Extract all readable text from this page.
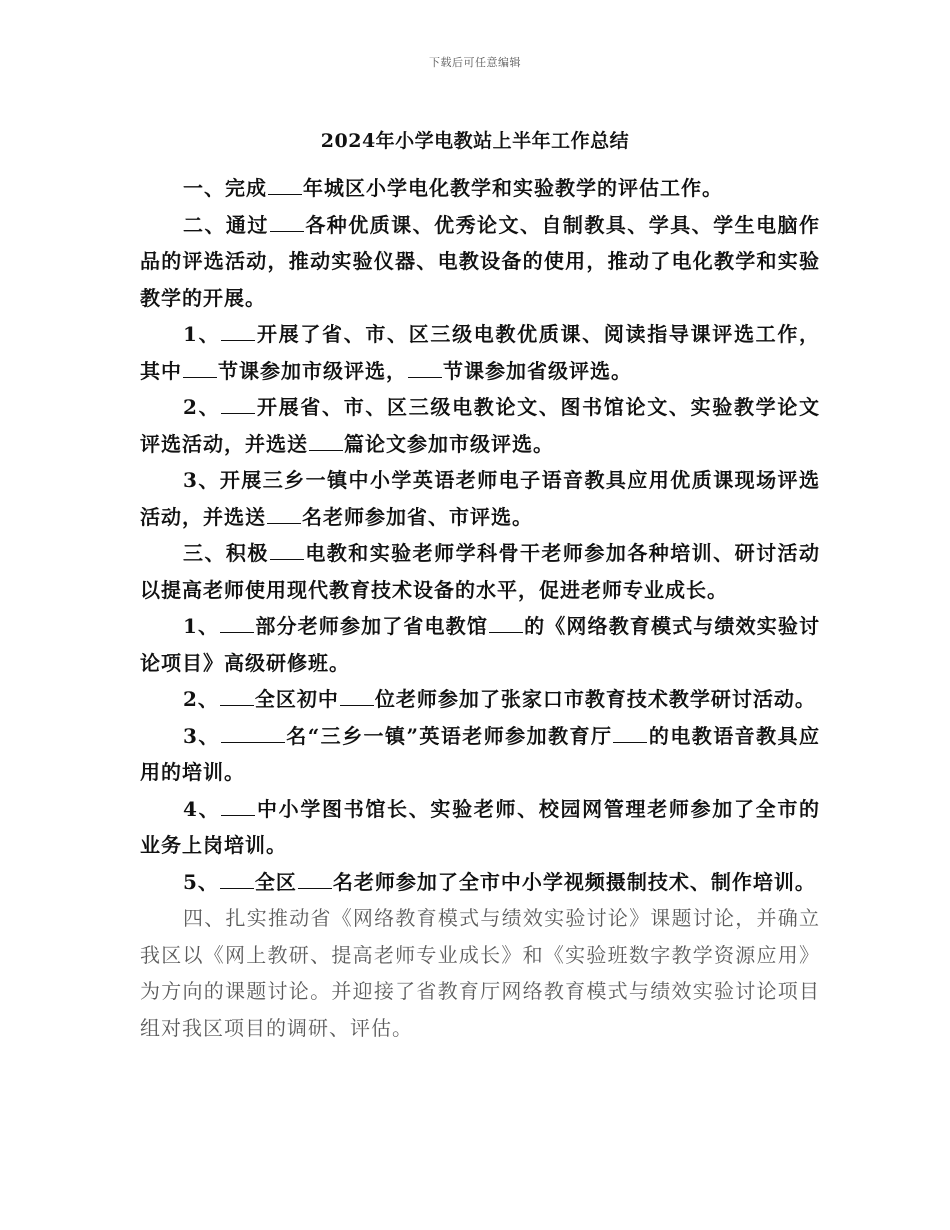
下载后可任意编辑
2024年小学电教站上半年工作总结

一、完成 年城区小学电化教学和实验教学的评估工作。

二、通过 各种优质课、优秀论文、自制教具、学具、学生电脑作品的评选活动，推动实验仪器、电教设备的使用，推动了电化教学和实验教学的开展。

1、 开展了省、市、区三级电教优质课、阅读指导课评选工作，其中 节课参加市级评选， 节课参加省级评选。

2、 开展省、市、区三级电教论文、图书馆论文、实验教学论文评选活动，并选送 篇论文参加市级评选。

3、开展三乡一镇中小学英语老师电子语音教具应用优质课现场评选活动，并选送 名老师参加省、市评选。

三、积极 电教和实验老师学科骨干老师参加各种培训、研讨活动以提高老师使用现代教育技术设备的水平，促进老师专业成长。

1、 部分老师参加了省电教馆 的《网络教育模式与绩效实验讨论项目》高级研修班。

2、 全区初中 位老师参加了张家口市教育技术教学研讨活动。

3、	名“三乡一镇”英语老师参加教育厅 的电教语音教具应用的培训。

4、 中小学图书馆长、实验老师、校园网管理老师参加了全市的业务上岗培训。

5、 全区 名老师参加了全市中小学视频摄制技术、制作培训。

四、扎实推动省《网络教育模式与绩效实验讨论》课题讨论，并确立我区以《网上教研、提高老师专业成长》和《实验班数字教学资源应用》为方向的课题讨论。并迎接了省教育厅网络教育模式与绩效实验讨论项目组对我区项目的调研、评估。
